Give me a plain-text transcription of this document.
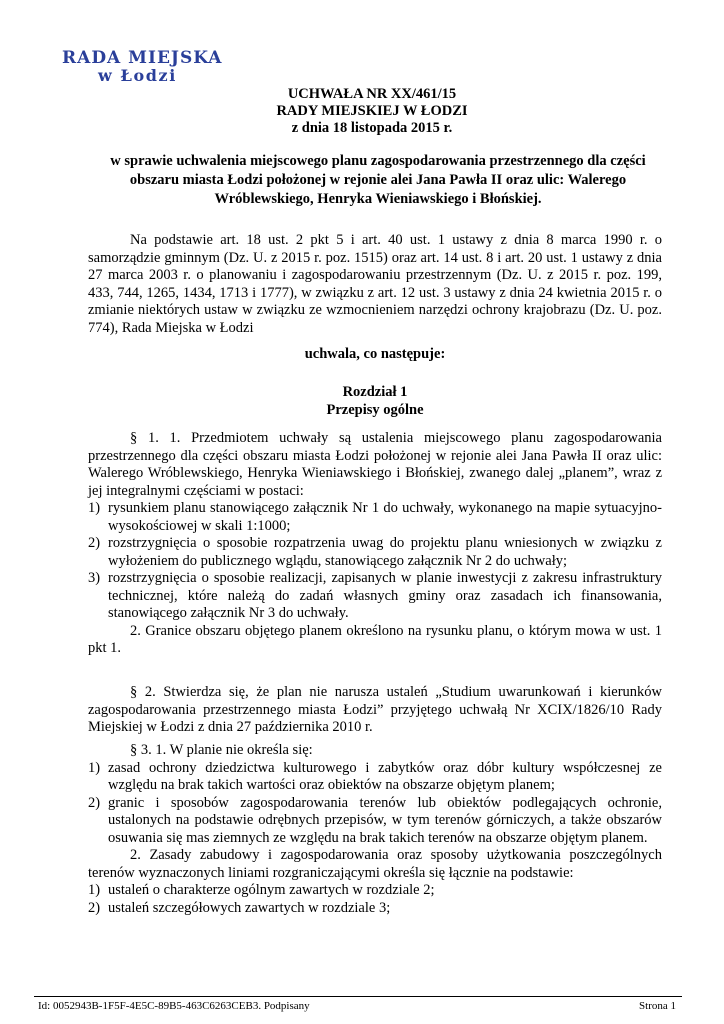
RADA MIEJSKA
w Łodzi
UCHWAŁA NR XX/461/15
RADY MIEJSKIEJ W ŁODZI
z dnia 18 listopada 2015 r.
w sprawie uchwalenia miejscowego planu zagospodarowania przestrzennego dla części obszaru miasta Łodzi położonej w rejonie alei Jana Pawła II oraz ulic: Walerego Wróblewskiego, Henryka Wieniawskiego i Błońskiej.
Na podstawie art. 18 ust. 2 pkt 5 i art. 40 ust. 1 ustawy z dnia 8 marca 1990 r. o samorządzie gminnym (Dz. U. z 2015 r. poz. 1515) oraz art. 14 ust. 8 i art. 20 ust. 1 ustawy z dnia 27 marca 2003 r. o planowaniu i zagospodarowaniu przestrzennym (Dz. U. z 2015 r. poz. 199, 433, 744, 1265, 1434, 1713 i 1777), w związku z art. 12 ust. 3 ustawy z dnia 24 kwietnia 2015 r. o zmianie niektórych ustaw w związku ze wzmocnieniem narzędzi ochrony krajobrazu (Dz. U. poz. 774), Rada Miejska w Łodzi
uchwala, co następuje:
Rozdział 1
Przepisy ogólne
§ 1. 1. Przedmiotem uchwały są ustalenia miejscowego planu zagospodarowania przestrzennego dla części obszaru miasta Łodzi położonej w rejonie alei Jana Pawła II oraz ulic: Walerego Wróblewskiego, Henryka Wieniawskiego i Błońskiej, zwanego dalej „planem”, wraz z jej integralnymi częściami w postaci:
1) rysunkiem planu stanowiącego załącznik Nr 1 do uchwały, wykonanego na mapie sytuacyjno-wysokościowej w skali 1:1000;
2) rozstrzygnięcia o sposobie rozpatrzenia uwag do projektu planu wniesionych w związku z wyłożeniem do publicznego wglądu, stanowiącego załącznik Nr 2 do uchwały;
3) rozstrzygnięcia o sposobie realizacji, zapisanych w planie inwestycji z zakresu infrastruktury technicznej, które należą do zadań własnych gminy oraz zasadach ich finansowania, stanowiącego załącznik Nr 3 do uchwały.
2. Granice obszaru objętego planem określono na rysunku planu, o którym mowa w ust. 1 pkt 1.
§ 2. Stwierdza się, że plan nie narusza ustaleń „Studium uwarunkowań i kierunków zagospodarowania przestrzennego miasta Łodzi” przyjętego uchwałą Nr XCIX/1826/10 Rady Miejskiej w Łodzi z dnia 27 października 2010 r.
§ 3. 1. W planie nie określa się:
1) zasad ochrony dziedzictwa kulturowego i zabytków oraz dóbr kultury współczesnej ze względu na brak takich wartości oraz obiektów na obszarze objętym planem;
2) granic i sposobów zagospodarowania terenów lub obiektów podlegających ochronie, ustalonych na podstawie odrębnych przepisów, w tym terenów górniczych, a także obszarów osuwania się mas ziemnych ze względu na brak takich terenów na obszarze objętym planem.
2. Zasady zabudowy i zagospodarowania oraz sposoby użytkowania poszczególnych terenów wyznaczonych liniami rozgraniczającymi określa się łącznie na podstawie:
1) ustaleń o charakterze ogólnym zawartych w rozdziale 2;
2) ustaleń szczegółowych zawartych w rozdziale 3;
Id: 0052943B-1F5F-4E5C-89B5-463C6263CEB3. Podpisany	Strona 1
